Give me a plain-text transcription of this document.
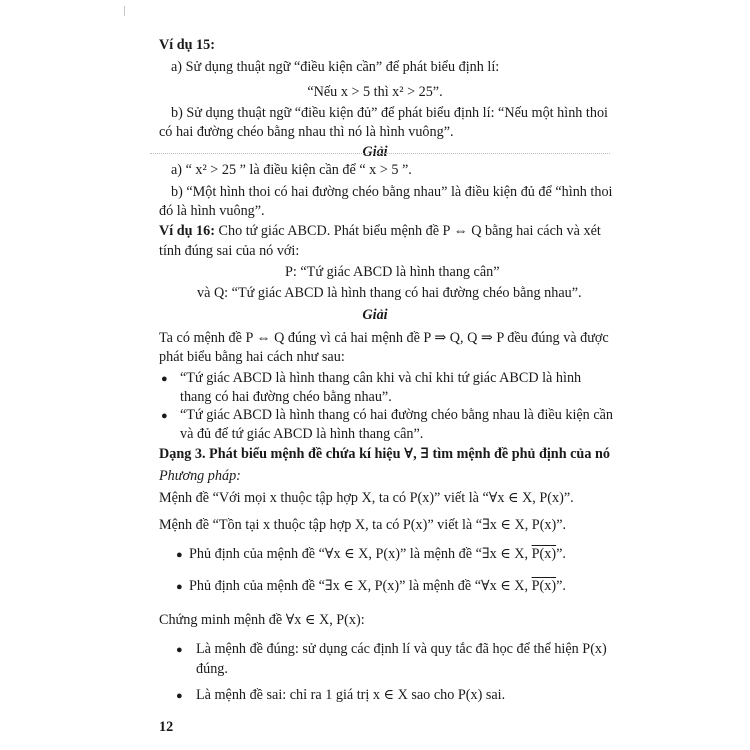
Ví dụ 15:
a) Sử dụng thuật ngữ “điều kiện cần” để phát biểu định lí:
“Nếu x > 5 thì x² > 25”.
b) Sử dụng thuật ngữ “điều kiện đủ” để phát biểu định lí: “Nếu một hình thoi
có hai đường chéo bằng nhau thì nó là hình vuông”.
Giải
a) “ x² > 25 ” là điều kiện cần để “ x > 5 ”.
b) “Một hình thoi có hai đường chéo bằng nhau” là điều kiện đủ để “hình thoi
đó là hình vuông”.
Ví dụ 16: Cho tứ giác ABCD. Phát biểu mệnh đề P ⇔ Q bằng hai cách và xét
tính đúng sai của nó với:
P: “Tứ giác ABCD là hình thang cân”
và Q: “Tứ giác ABCD là hình thang có hai đường chéo bằng nhau”.
Giải
Ta có mệnh đề P ⇔ Q đúng vì cả hai mệnh đề P ⇒ Q, Q ⇒ P đều đúng và được
phát biểu bằng hai cách như sau:
● “Tứ giác ABCD là hình thang cân khi và chỉ khi tứ giác ABCD là hình
thang có hai đường chéo bằng nhau”.
● “Tứ giác ABCD là hình thang có hai đường chéo bằng nhau là điều kiện cần
và đủ để tứ giác ABCD là hình thang cân”.
Dạng 3. Phát biểu mệnh đề chứa kí hiệu ∀, ∃ tìm mệnh đề phủ định của nó
Phương pháp:
Mệnh đề “Với mọi x thuộc tập hợp X, ta có P(x)” viết là “∀x ∈ X, P(x)”.
Mệnh đề “Tồn tại x thuộc tập hợp X, ta có P(x)” viết là “∃x ∈ X, P(x)”.
● Phủ định của mệnh đề “∀x ∈ X, P(x)” là mệnh đề “∃x ∈ X, P(x)”.
● Phủ định của mệnh đề “∃x ∈ X, P(x)” là mệnh đề “∀x ∈ X, P(x)”.
Chứng minh mệnh đề ∀x ∈ X, P(x):
● Là mệnh đề đúng: sử dụng các định lí và quy tắc đã học để thể hiện P(x)
đúng.
● Là mệnh đề sai: chỉ ra 1 giá trị x ∈ X sao cho P(x) sai.
12
